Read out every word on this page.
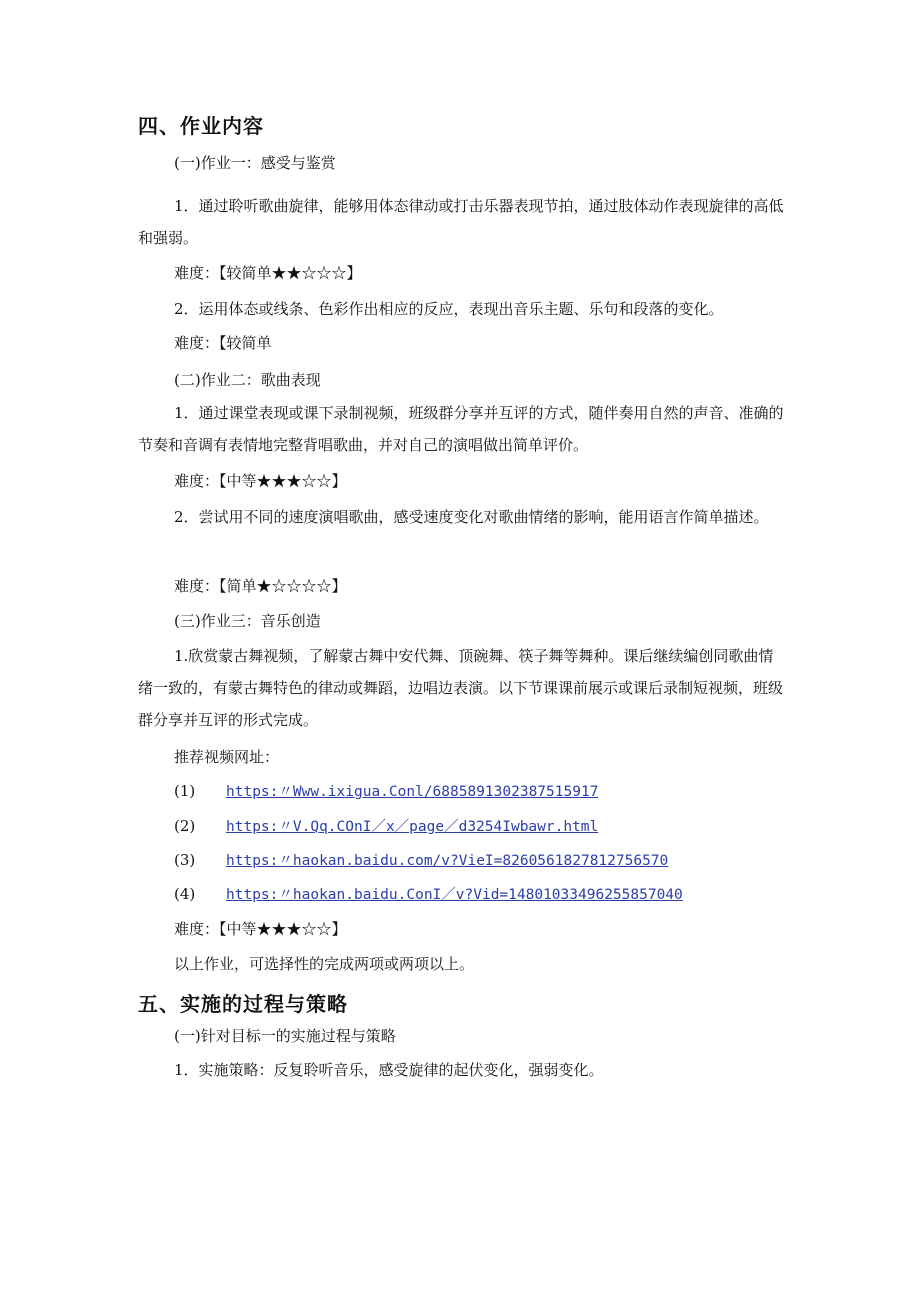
四、作业内容
(一)作业一：感受与鉴赏
1．通过聆听歌曲旋律，能够用体态律动或打击乐器表现节拍，通过肢体动作表现旋律的高低和强弱。
难度：【较简单★★☆☆☆】
2．运用体态或线条、色彩作出相应的反应，表现出音乐主题、乐句和段落的变化。
难度：【较简单
(二)作业二：歌曲表现
1．通过课堂表现或课下录制视频，班级群分享并互评的方式，随伴奏用自然的声音、准确的节奏和音调有表情地完整背唱歌曲，并对自己的演唱做出简单评价。
难度：【中等★★★☆☆】
2．尝试用不同的速度演唱歌曲，感受速度变化对歌曲情绪的影响，能用语言作简单描述。
难度：【简单★☆☆☆☆】
(三)作业三：音乐创造
1.欣赏蒙古舞视频，了解蒙古舞中安代舞、顶碗舞、筷子舞等舞种。课后继续编创同歌曲情绪一致的，有蒙古舞特色的律动或舞蹈，边唱边表演。以下节课课前展示或课后录制短视频，班级群分享并互评的形式完成。
推荐视频网址：
(1) https:〃Www.ixigua.Conl/6885891302387515917
(2) https:〃V.Qq.COnI／x／page／d3254Iwbawr.html
(3) https:〃haokan.baidu.com/v?VieI=8260561827812756570
(4) https:〃haokan.baidu.ConI／v?Vid=14801033496255857040
难度：【中等★★★☆☆】
以上作业，可选择性的完成两项或两项以上。
五、实施的过程与策略
(一)针对目标一的实施过程与策略
1．实施策略：反复聆听音乐，感受旋律的起伏变化，强弱变化。
